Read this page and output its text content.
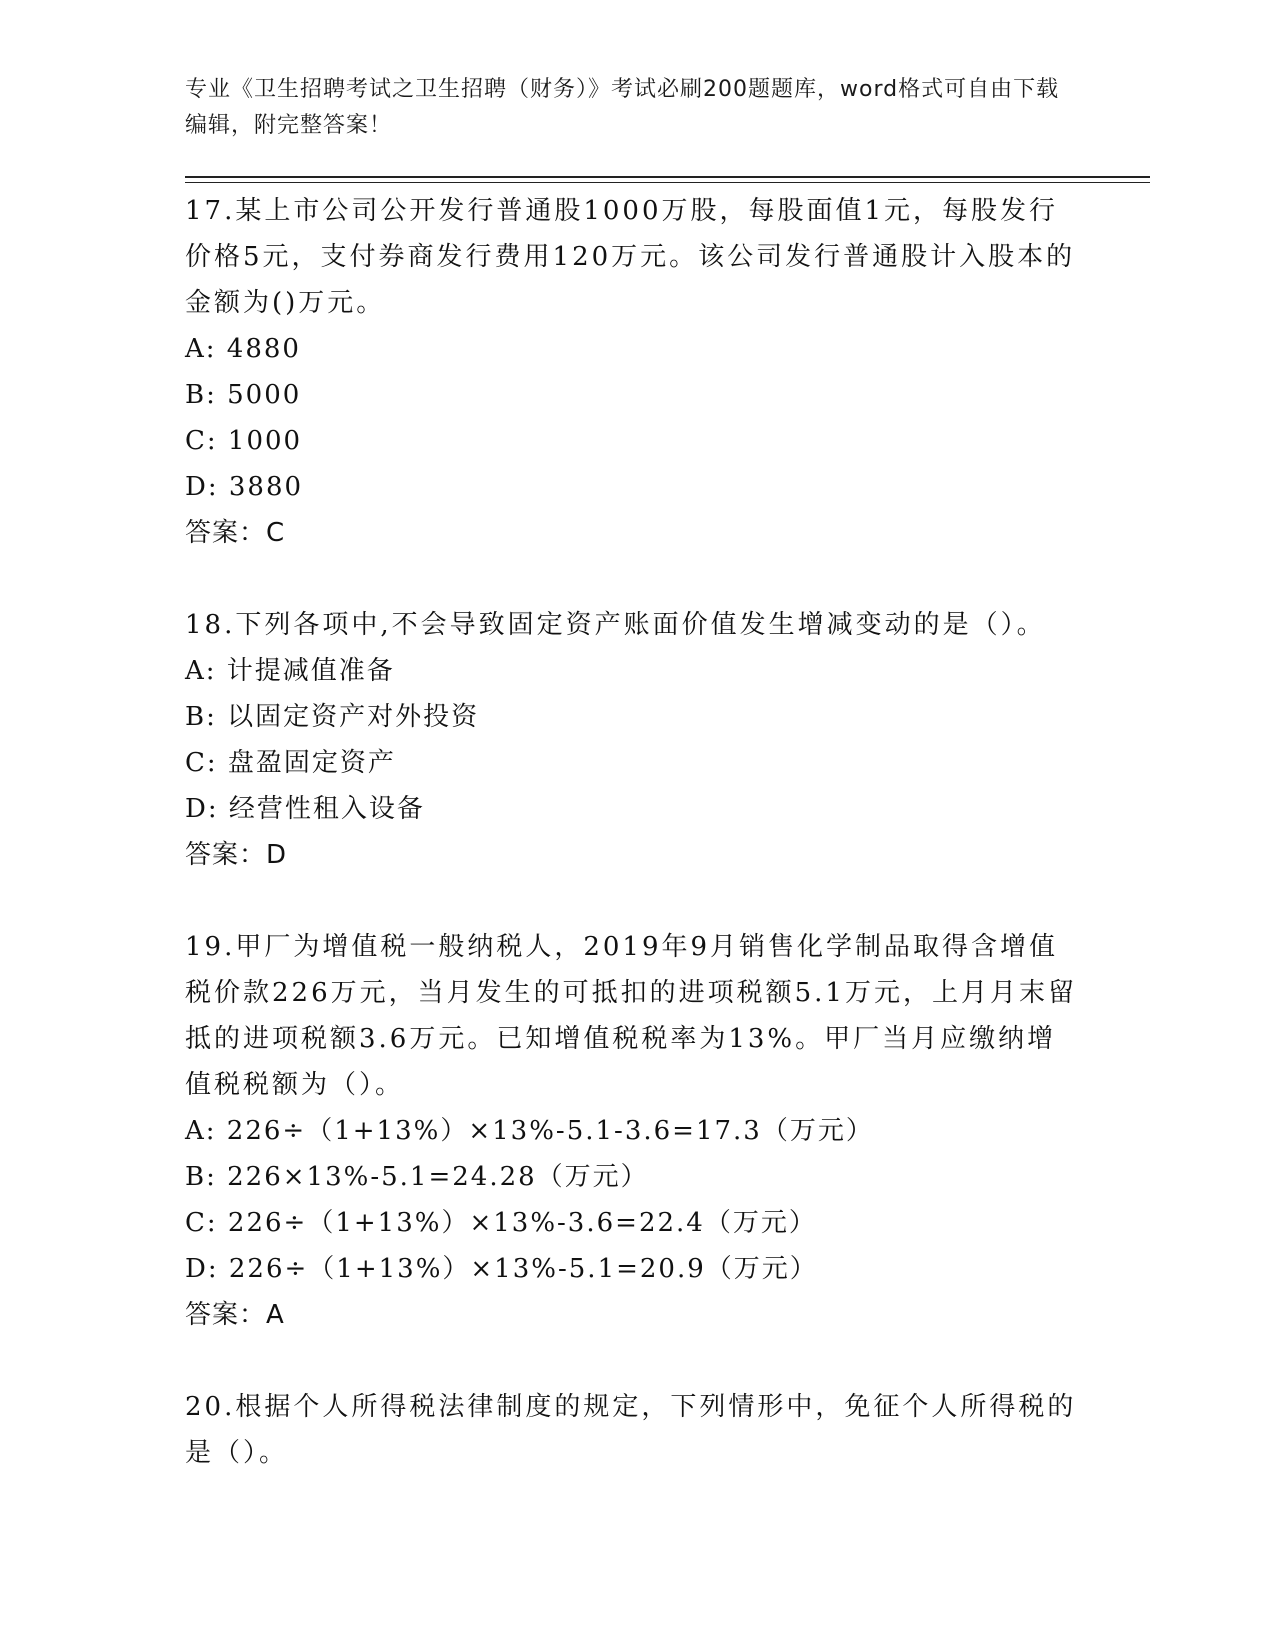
专业《卫生招聘考试之卫生招聘（财务）》考试必刷200题题库，word格式可自由下载编辑，附完整答案！

17.某上市公司公开发行普通股1000万股，每股面值1元，每股发行价格5元，支付券商发行费用120万元。该公司发行普通股计入股本的金额为()万元。

A: 4880
B: 5000
C: 1000
D: 3880

答案：C

18.下列各项中,不会导致固定资产账面价值发生增减变动的是（）。

A: 计提减值准备
B: 以固定资产对外投资
C: 盘盈固定资产
D: 经营性租入设备

答案：D

19.甲厂为增值税一般纳税人，2019年9月销售化学制品取得含增值税价款226万元，当月发生的可抵扣的进项税额5.1万元，上月月末留抵的进项税额3.6万元。已知增值税税率为13%。甲厂当月应缴纳增值税税额为（）。

A: 226÷（1+13%）×13%-5.1-3.6=17.3（万元）
B: 226×13%-5.1=24.28（万元）
C: 226÷（1+13%）×13%-3.6=22.4（万元）
D: 226÷（1+13%）×13%-5.1=20.9（万元）

答案：A

20.根据个人所得税法律制度的规定，下列情形中，免征个人所得税的是（）。
